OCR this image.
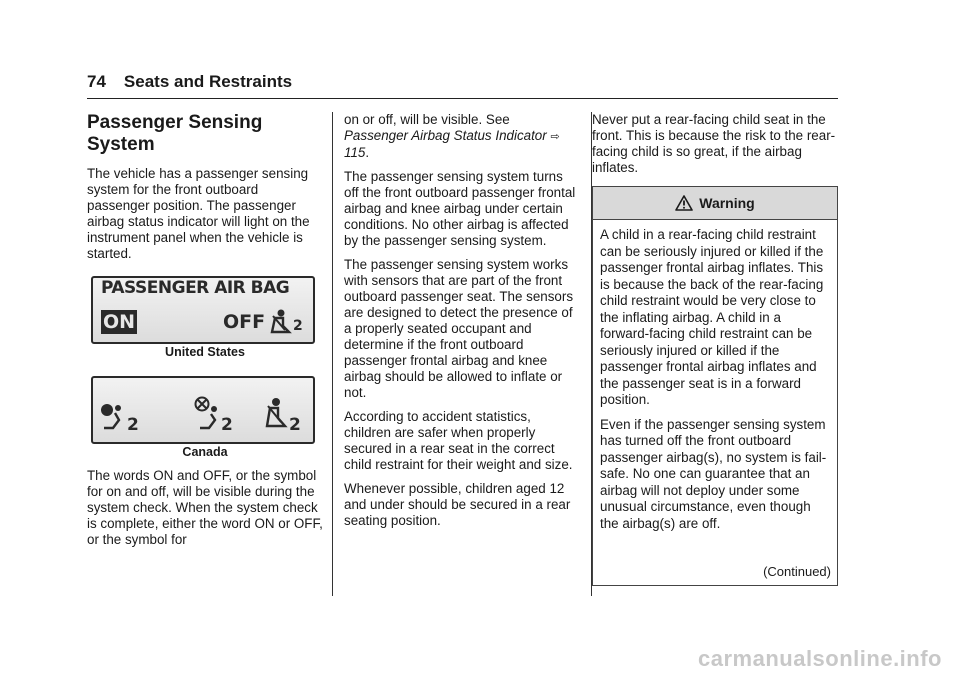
74 Seats and Restraints
Passenger Sensing
System

The vehicle has a passenger sensing system for the front outboard passenger position. The passenger airbag status indicator will light on the instrument panel when the vehicle is started.

PASSENGER AIR BAG
ON	OFF 2

United States

2	2	2

Canada

The words ON and OFF, or the symbol for on and off, will be visible during the system check. When the system check is complete, either the word ON or OFF, or the symbol for

on or off, will be visible. See
Passenger Airbag Status Indicator ⇨ 115.

The passenger sensing system turns off the front outboard passenger frontal airbag and knee airbag under certain conditions. No other airbag is affected by the passenger sensing system.

The passenger sensing system works with sensors that are part of the front outboard passenger seat. The sensors are designed to detect the presence of a properly seated occupant and determine if the front outboard passenger frontal airbag and knee airbag should be allowed to inflate or not.

According to accident statistics, children are safer when properly secured in a rear seat in the correct child restraint for their weight and size.

Whenever possible, children aged 12 and under should be secured in a rear seating position.

Never put a rear-facing child seat in the front. This is because the risk to the rear-facing child is so great, if the airbag inflates.

Warning

A child in a rear-facing child restraint can be seriously injured or killed if the passenger frontal airbag inflates. This is because the back of the rear-facing child restraint would be very close to the inflating airbag. A child in a forward-facing child restraint can be seriously injured or killed if the passenger frontal airbag inflates and the passenger seat is in a forward position.

Even if the passenger sensing system has turned off the front outboard passenger airbag(s), no system is fail-safe. No one can guarantee that an airbag will not deploy under some unusual circumstance, even though the airbag(s) are off.

(Continued)
carmanualsonline.info
